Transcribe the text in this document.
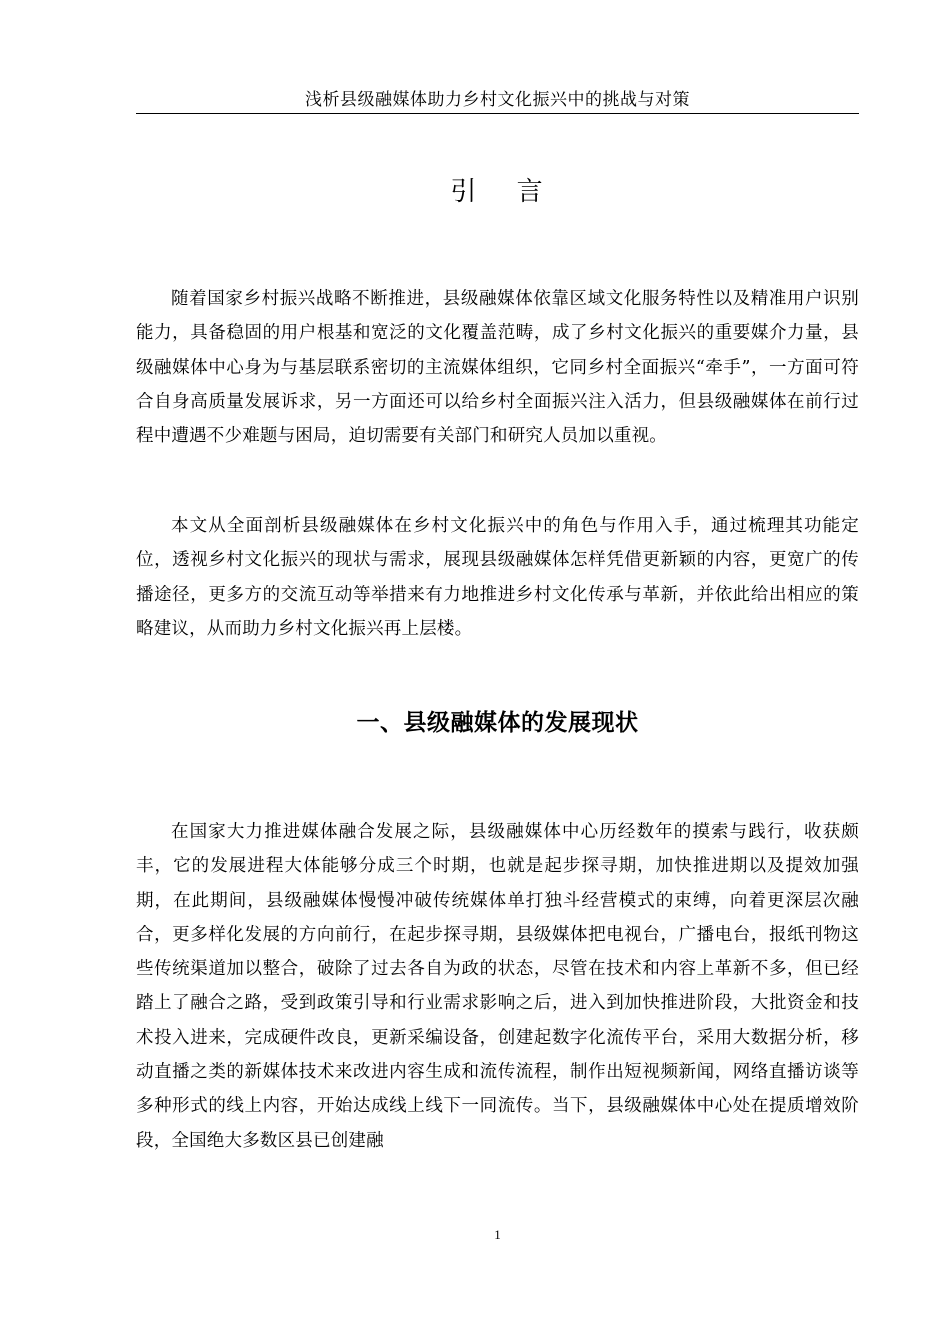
浅析县级融媒体助力乡村文化振兴中的挑战与对策
引 言

随着国家乡村振兴战略不断推进，县级融媒体依靠区域文化服务特性以及精准用户识别能力，具备稳固的用户根基和宽泛的文化覆盖范畴，成了乡村文化振兴的重要媒介力量，县级融媒体中心身为与基层联系密切的主流媒体组织，它同乡村全面振兴“牵手”，一方面可符合自身高质量发展诉求，另一方面还可以给乡村全面振兴注入活力，但县级融媒体在前行过程中遭遇不少难题与困局，迫切需要有关部门和研究人员加以重视。

本文从全面剖析县级融媒体在乡村文化振兴中的角色与作用入手，通过梳理其功能定位，透视乡村文化振兴的现状与需求，展现县级融媒体怎样凭借更新颖的内容，更宽广的传播途径，更多方的交流互动等举措来有力地推进乡村文化传承与革新，并依此给出相应的策略建议，从而助力乡村文化振兴再上层楼。

一、县级融媒体的发展现状

在国家大力推进媒体融合发展之际，县级融媒体中心历经数年的摸索与践行，收获颇丰，它的发展进程大体能够分成三个时期，也就是起步探寻期，加快推进期以及提效加强期，在此期间，县级融媒体慢慢冲破传统媒体单打独斗经营模式的束缚，向着更深层次融合，更多样化发展的方向前行，在起步探寻期，县级媒体把电视台，广播电台，报纸刊物这些传统渠道加以整合，破除了过去各自为政的状态，尽管在技术和内容上革新不多，但已经踏上了融合之路，受到政策引导和行业需求影响之后，进入到加快推进阶段，大批资金和技术投入进来，完成硬件改良，更新采编设备，创建起数字化流传平台，采用大数据分析，移动直播之类的新媒体技术来改进内容生成和流传流程，制作出短视频新闻，网络直播访谈等多种形式的线上内容，开始达成线上线下一同流传。当下，县级融媒体中心处在提质增效阶段，全国绝大多数区县已创建融

1
